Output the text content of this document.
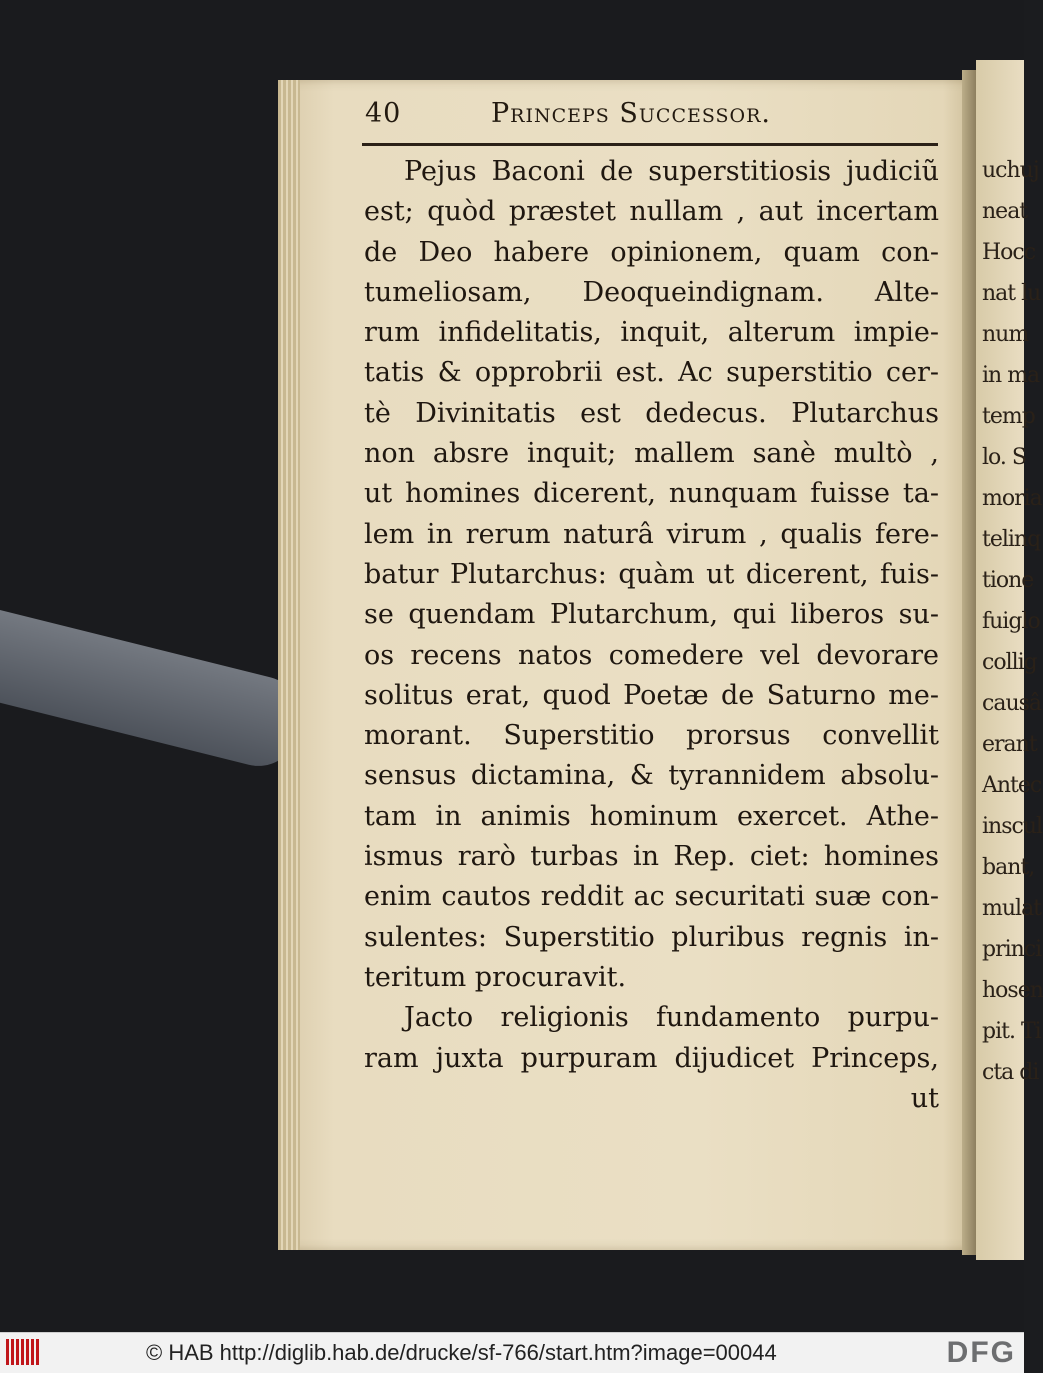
uchuj
neat
Hocc
nat lu
num
in ma
temp
lo. S
moria
telinq
tione
fuiglo
collig
causâ
erant
Antec
inscul
bant,
mulat
princi
hosen
pit. Ti
cta di
40	Princeps Successor.
Pejus Baconi de superstitiosis judiciũ
est; quòd præstet nullam , aut incertam
de Deo habere opinionem, quam con-
tumeliosam, Deoqueindignam. Alte-
rum infidelitatis, inquit, alterum impie-
tatis & opprobrii est. Ac superstitio cer-
tè Divinitatis est dedecus. Plutarchus
non absre inquit; mallem sanè multò ,
ut homines dicerent, nunquam fuisse ta-
lem in rerum naturâ virum , qualis fere-
batur Plutarchus: quàm ut dicerent, fuis-
se quendam Plutarchum, qui liberos su-
os recens natos comedere vel devorare
solitus erat, quod Poetæ de Saturno me-
morant. Superstitio prorsus convellit
sensus dictamina, & tyrannidem absolu-
tam in animis hominum exercet. Athe-
ismus rarò turbas in Rep. ciet: homines
enim cautos reddit ac securitati suæ con-
sulentes: Superstitio pluribus regnis in-
teritum procuravit.
Jacto religionis fundamento purpu-
ram juxta purpuram dijudicet Princeps,
ut
© HAB http://diglib.hab.de/drucke/sf-766/start.htm?image=00044	DFG
